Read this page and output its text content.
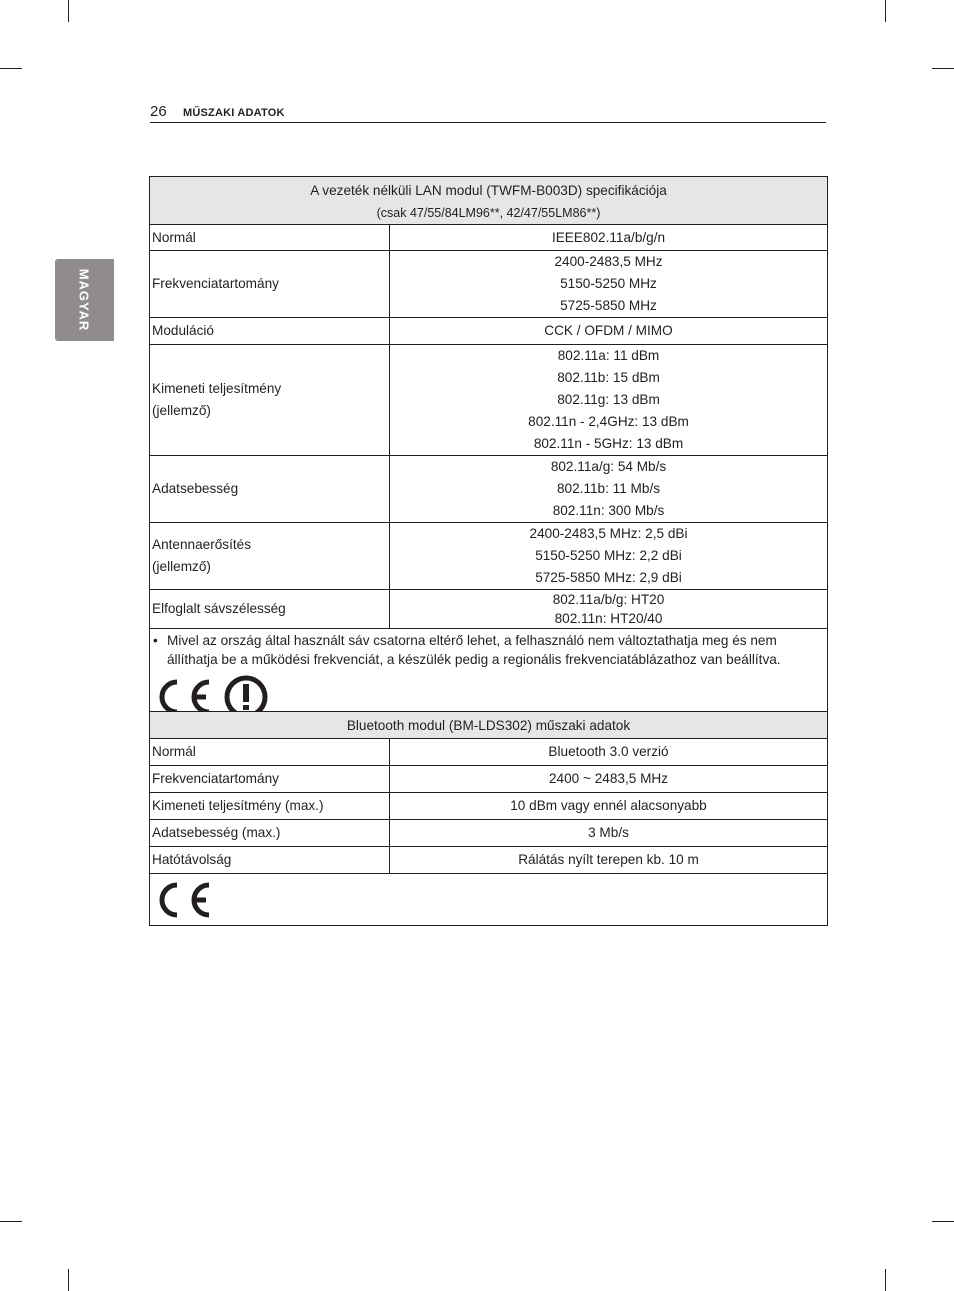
26 MŰSZAKI ADATOK
MAGYAR
A vezeték nélküli LAN modul (TWFM-B003D) specifikációja
(csak 47/55/84LM96**, 42/47/55LM86**)	

Normál	IEEE802.11a/b/g/n

Frekvenciatartomány	2400-2483,5 MHz
5150-5250 MHz
5725-5850 MHz

Moduláció	CCK / OFDM / MIMO

Kimeneti teljesítmény
(jellemző)	802.11a: 11 dBm
802.11b: 15 dBm
802.11g: 13 dBm
802.11n - 2,4GHz: 13 dBm
802.11n - 5GHz: 13 dBm

Adatsebesség	802.11a/g: 54 Mb/s
802.11b: 11 Mb/s
802.11n: 300 Mb/s

Antennaerősítés
(jellemző)	2400-2483,5 MHz: 2,5 dBi
5150-5250 MHz: 2,2 dBi
5725-5850 MHz: 2,9 dBi

Elfoglalt sávszélesség	802.11a/b/g: HT20
802.11n: HT20/40

• Mivel az ország által használt sáv csatorna eltérő lehet, a felhasználó nem változtathatja meg és nem állíthatja be a működési frekvenciát, a készülék pedig a regionális frekvenciatáblázathoz van beállítva.	
Bluetooth modul (BM-LDS302) műszaki adatok	
Normál	Bluetooth 3.0 verzió
Frekvenciatartomány	2400 ~ 2483,5 MHz
Kimeneti teljesítmény (max.)	10 dBm vagy ennél alacsonyabb
Adatsebesség (max.)	3 Mb/s
Hatótávolság	Rálátás nyílt terepen kb. 10 m
